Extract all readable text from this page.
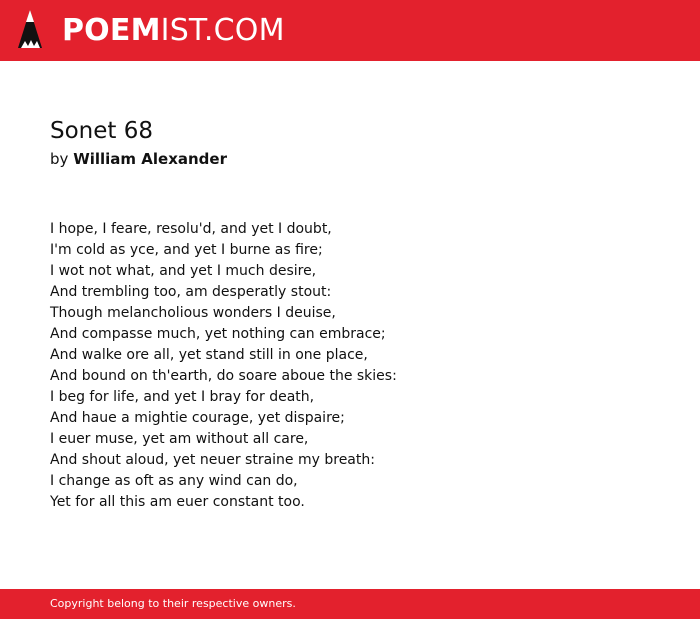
POEMIST.COM
Sonet 68
by William Alexander
I hope, I feare, resolu'd, and yet I doubt,
I'm cold as yce, and yet I burne as fire;
I wot not what, and yet I much desire,
And trembling too, am desperatly stout:
Though melancholious wonders I deuise,
And compasse much, yet nothing can embrace;
And walke ore all, yet stand still in one place,
And bound on th'earth, do soare aboue the skies:
I beg for life, and yet I bray for death,
And haue a mightie courage, yet dispaire;
I euer muse, yet am without all care,
And shout aloud, yet neuer straine my breath:
I change as oft as any wind can do,
Yet for all this am euer constant too.
Copyright belong to their respective owners.
